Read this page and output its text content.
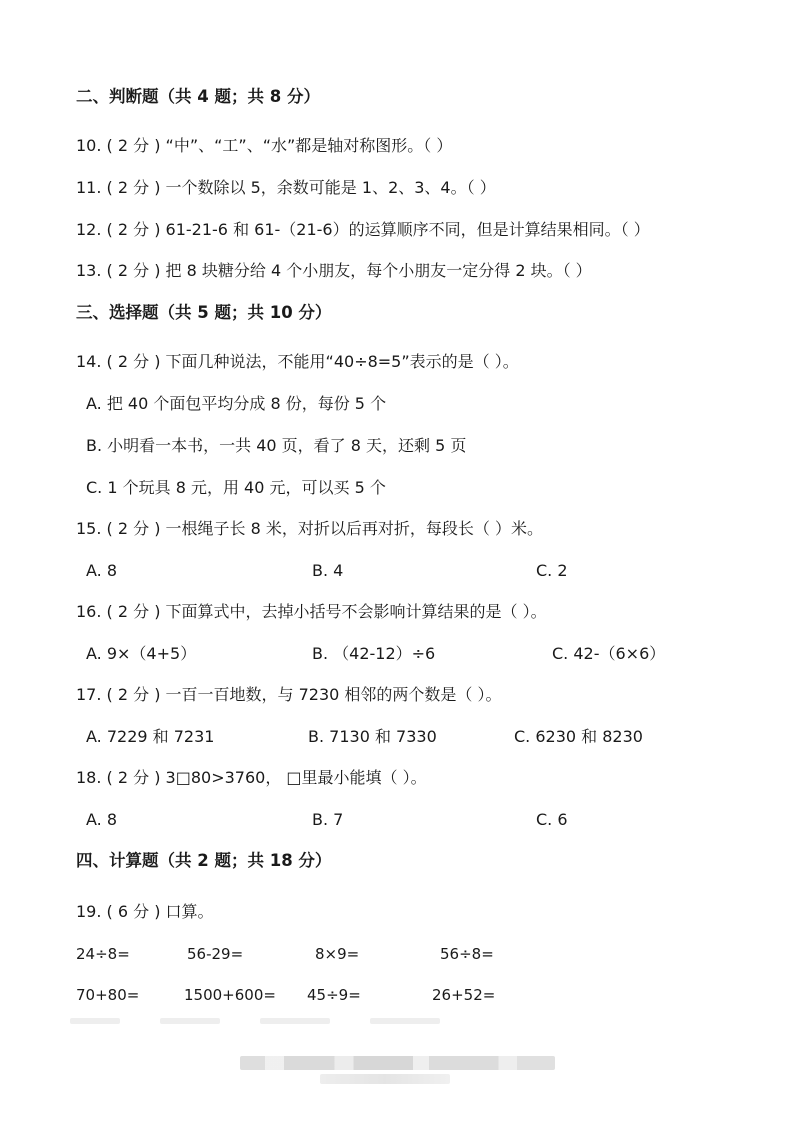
二、判断题（共 4 题；共 8 分）
10. ( 2 分 ) “中”、“工”、“水”都是轴对称图形。（ ）
11. ( 2 分 ) 一个数除以 5，余数可能是 1、2、3、4。（ ）
12. ( 2 分 ) 61-21-6 和 61-（21-6）的运算顺序不同，但是计算结果相同。（ ）
13. ( 2 分 ) 把 8 块糖分给 4 个小朋友，每个小朋友一定分得 2 块。（ ）
三、选择题（共 5 题；共 10 分）
14. ( 2 分 ) 下面几种说法，不能用“40÷8=5”表示的是（ ）。
A. 把 40 个面包平均分成 8 份，每份 5 个
B. 小明看一本书，一共 40 页，看了 8 天，还剩 5 页
C. 1 个玩具 8 元，用 40 元，可以买 5 个
15. ( 2 分 ) 一根绳子长 8 米，对折以后再对折，每段长（ ）米。
A. 8	B. 4	C. 2
16. ( 2 分 ) 下面算式中，去掉小括号不会影响计算结果的是（ ）。
A. 9×（4+5）	B. （42-12）÷6	C. 42-（6×6）
17. ( 2 分 ) 一百一百地数，与 7230 相邻的两个数是（ ）。
A. 7229 和 7231	B. 7130 和 7330	C. 6230 和 8230
18. ( 2 分 ) 3□80>3760， □里最小能填（ ）。
A. 8	B. 7	C. 6
四、计算题（共 2 题；共 18 分）
19. ( 6 分 ) 口算。
24÷8=	56-29=	8×9=	56÷8=
70+80=	1500+600= 45÷9=	26+52=
